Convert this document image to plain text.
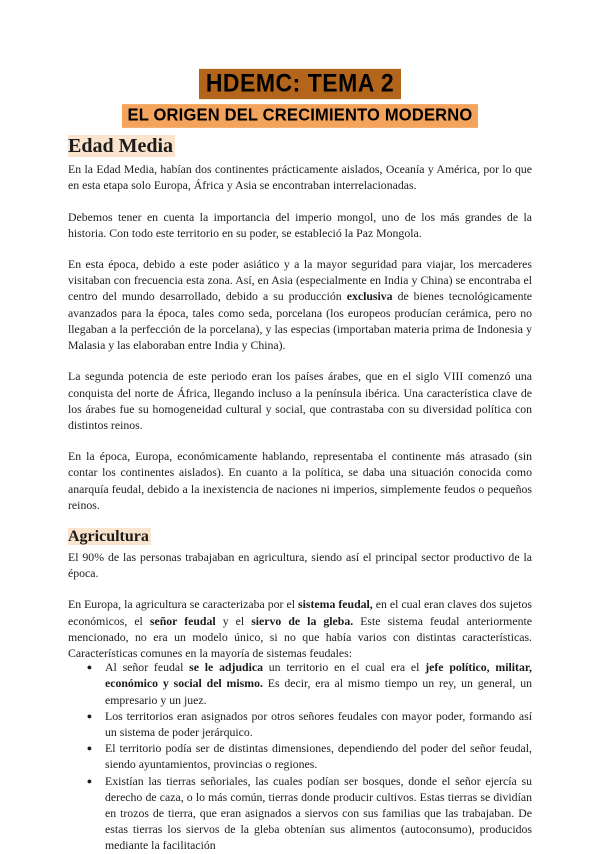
HDEMC: TEMA 2
EL ORIGEN DEL CRECIMIENTO MODERNO
Edad Media

En la Edad Media, habían dos continentes prácticamente aislados, Oceanía y América, por lo que en esta etapa solo Europa, África y Asia se encontraban interrelacionadas.

Debemos tener en cuenta la importancia del imperio mongol, uno de los más grandes de la historia. Con todo este territorio en su poder, se estableció la Paz Mongola.

En esta época, debido a este poder asiático y a la mayor seguridad para viajar, los mercaderes visitaban con frecuencia esta zona. Así, en Asia (especialmente en India y China) se encontraba el centro del mundo desarrollado, debido a su producción exclusiva de bienes tecnológicamente avanzados para la época, tales como seda, porcelana (los europeos producían cerámica, pero no llegaban a la perfección de la porcelana), y las especias (importaban materia prima de Indonesia y Malasia y las elaboraban entre India y China).

La segunda potencia de este periodo eran los países árabes, que en el siglo VIII comenzó una conquista del norte de África, llegando incluso a la península ibérica. Una característica clave de los árabes fue su homogeneidad cultural y social, que contrastaba con su diversidad política con distintos reinos.

En la época, Europa, económicamente hablando, representaba el continente más atrasado (sin contar los continentes aislados). En cuanto a la política, se daba una situación conocida como anarquía feudal, debido a la inexistencia de naciones ni imperios, simplemente feudos o pequeños reinos.

Agricultura

El 90% de las personas trabajaban en agricultura, siendo así el principal sector productivo de la época.

En Europa, la agricultura se caracterizaba por el sistema feudal, en el cual eran claves dos sujetos económicos, el señor feudal y el siervo de la gleba. Este sistema feudal anteriormente mencionado, no era un modelo único, si no que había varios con distintas características. Características comunes en la mayoría de sistemas feudales:

●	Al señor feudal se le adjudica un territorio en el cual era el jefe político, militar, económico y social del mismo. Es decir, era al mismo tiempo un rey, un general, un empresario y un juez.
●	Los territorios eran asignados por otros señores feudales con mayor poder, formando así un sistema de poder jerárquico.
●	El territorio podía ser de distintas dimensiones, dependiendo del poder del señor feudal, siendo ayuntamientos, provincias o regiones.
●	Existían las tierras señoriales, las cuales podían ser bosques, donde el señor ejercía su derecho de caza, o lo más común, tierras donde producir cultivos. Estas tierras se dividían en trozos de tierra, que eran asignados a siervos con sus familias que las trabajaban. De estas tierras los siervos de la gleba obtenían sus alimentos (autoconsumo), producidos mediante la facilitación
